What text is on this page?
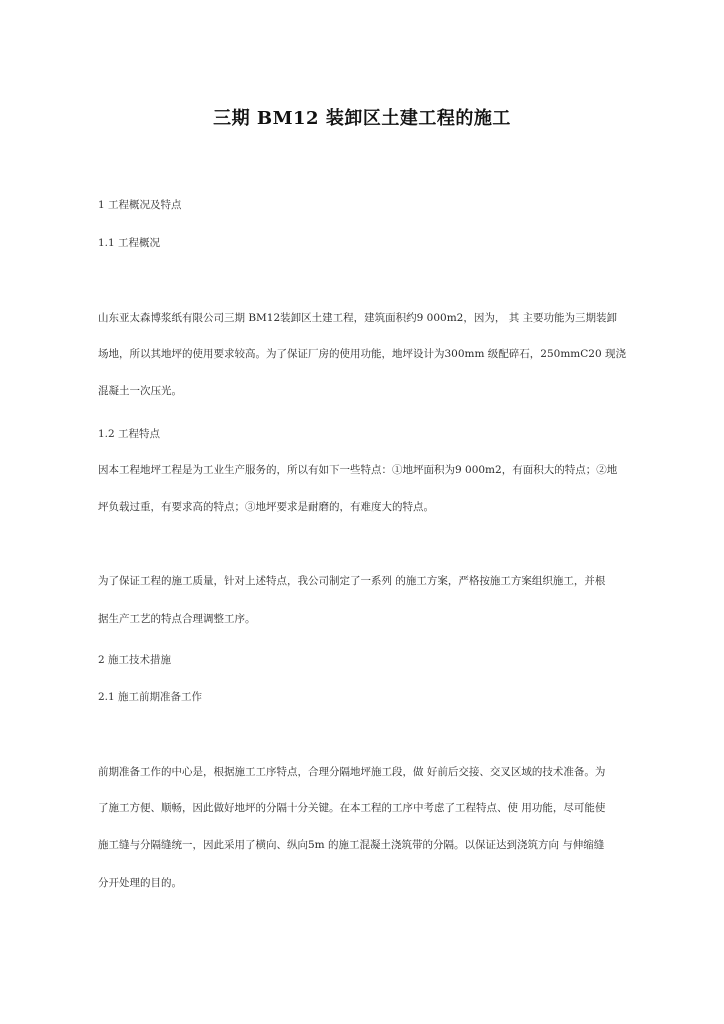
三期 BM12 装卸区土建工程的施工
1 工程概况及特点
1.1 工程概况
山东亚太森博浆纸有限公司三期 BM12装卸区土建工程，建筑面积约9 000m2，因为， 其 主要功能为三期装卸
场地，所以其地坪的使用要求较高。为了保证厂房的使用功能，地坪设计为300mm 级配碎石，250mmC20 现浇
混凝土一次压光。
1.2 工程特点
因本工程地坪工程是为工业生产服务的，所以有如下一些特点：①地坪面积为9 000m2，有面积大的特点；②地
坪负载过重，有要求高的特点；③地坪要求是耐磨的，有难度大的特点。
为了保证工程的施工质量，针对上述特点，我公司制定了一系列 的施工方案，严格按施工方案组织施工，并根
据生产工艺的特点合理调整工序。
2 施工技术措施
2.1 施工前期准备工作
前期准备工作的中心是，根据施工工序特点，合理分隔地坪施工段，做 好前后交接、交叉区域的技术准备。为
了施工方便、顺畅，因此做好地坪的分隔十分关键。在本工程的工序中考虑了工程特点、使 用功能，尽可能使
施工缝与分隔缝统一，因此采用了横向、纵向5m 的施工混凝土浇筑带的分隔。以保证达到浇筑方向 与伸缩缝
分开处理的目的。
